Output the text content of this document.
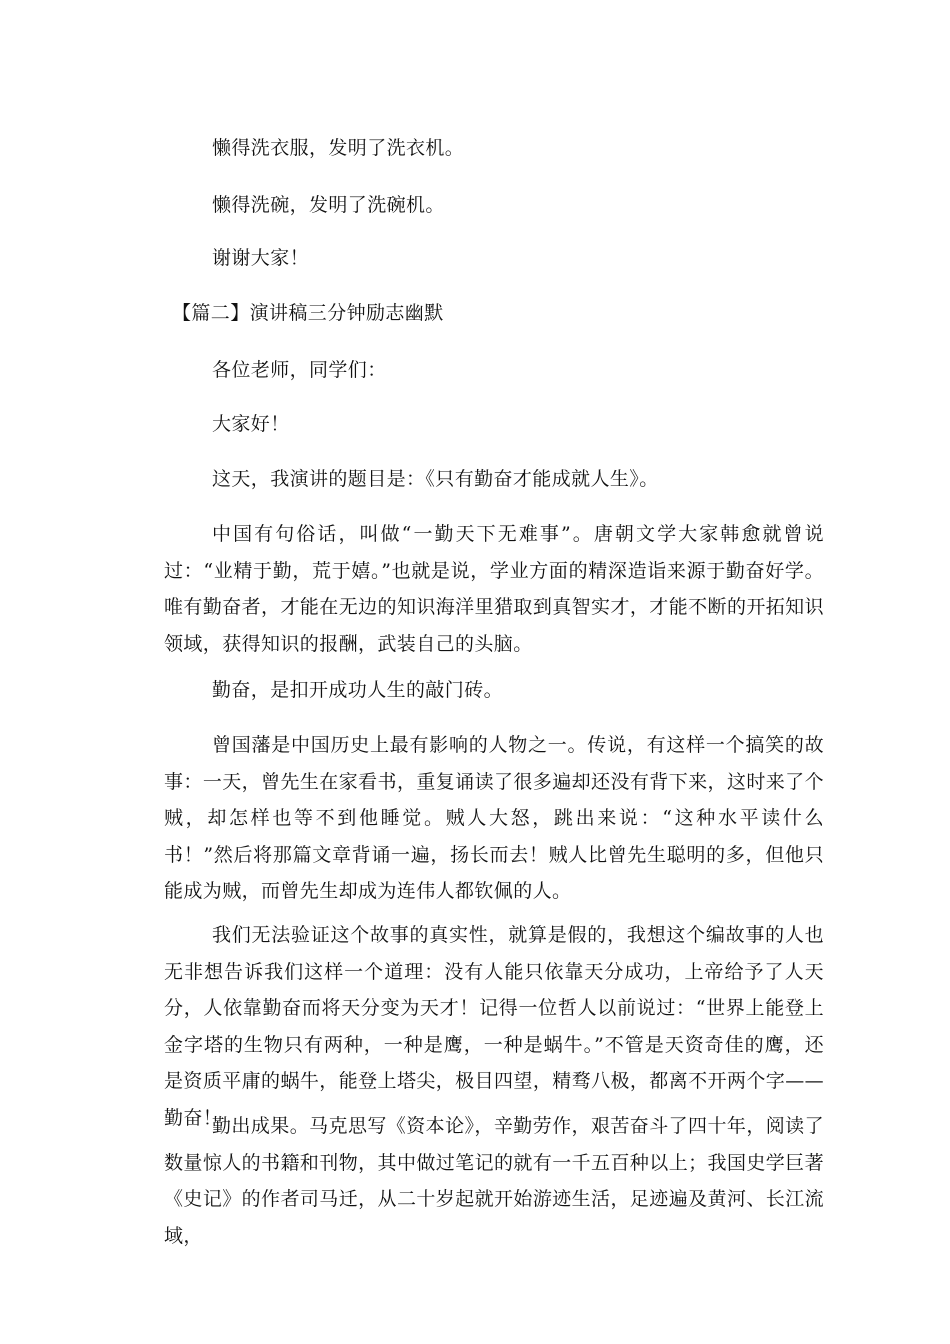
懒得洗衣服，发明了洗衣机。
懒得洗碗，发明了洗碗机。
谢谢大家！
【篇二】演讲稿三分钟励志幽默
各位老师，同学们：
大家好！
这天，我演讲的题目是：《只有勤奋才能成就人生》。

中国有句俗话，叫做“一勤天下无难事”。唐朝文学大家韩愈就曾说过：“业精于勤，荒于嬉。”也就是说，学业方面的精深造诣来源于勤奋好学。唯有勤奋者，才能在无边的知识海洋里猎取到真智实才，才能不断的开拓知识领域，获得知识的报酬，武装自己的头脑。

勤奋，是扣开成功人生的敲门砖。

曾国藩是中国历史上最有影响的人物之一。传说，有这样一个搞笑的故事：一天，曾先生在家看书，重复诵读了很多遍却还没有背下来，这时来了个贼，却怎样也等不到他睡觉。贼人大怒，跳出来说：“这种水平读什么书！”然后将那篇文章背诵一遍，扬长而去！贼人比曾先生聪明的多，但他只能成为贼，而曾先生却成为连伟人都钦佩的人。

我们无法验证这个故事的真实性，就算是假的，我想这个编故事的人也无非想告诉我们这样一个道理：没有人能只依靠天分成功，上帝给予了人天分，人依靠勤奋而将天分变为天才！记得一位哲人以前说过：“世界上能登上金字塔的生物只有两种，一种是鹰，一种是蜗牛。”不管是天资奇佳的鹰，还是资质平庸的蜗牛，能登上塔尖，极目四望，精骛八极，都离不开两个字——勤奋！

勤出成果。马克思写《资本论》，辛勤劳作，艰苦奋斗了四十年，阅读了数量惊人的书籍和刊物，其中做过笔记的就有一千五百种以上；我国史学巨著《史记》的作者司马迁，从二十岁起就开始游迹生活，足迹遍及黄河、长江流域，
